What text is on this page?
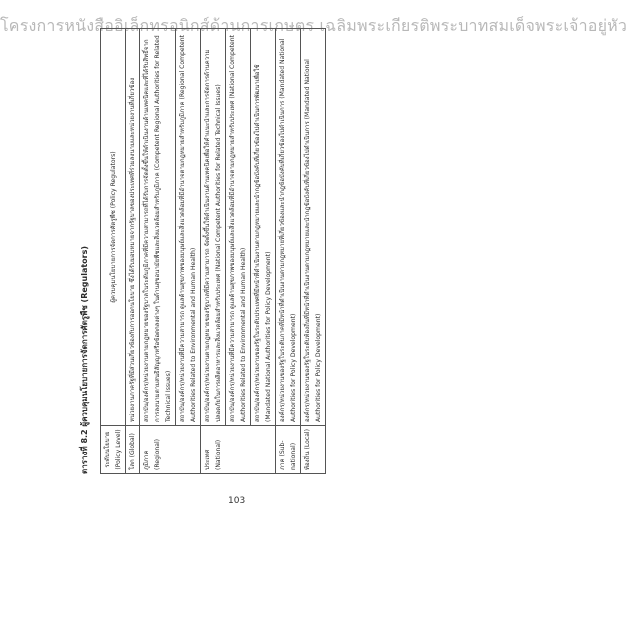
โครงการหนังสืออิเล็กทรอนิกส์ด้านการเกษตร เฉลิมพระเกียรติพระบาทสมเด็จพระเจ้าอยู่หัว
ตารางที่ 8.2 ผู้ควบคุมนโยบายการจัดการศัตรูพืช (Regulators)	ระดับนโยบาย (Policy Level)	ผู้ควบคุมนโยบายการจัดการศัตรูพืช (Policy Regulators)
โลก (Global)	หน่วยงานภาครัฐที่มีส่วนเกี่ยวข้องกับการออกนโยบาย ซึ่งได้รับมอบหมายจากรัฐบาลของประเทศที่ร่วมลงนามและหน่วยงานที่เกี่ยวข้อง
ภูมิภาค (Regional)	สถาบัน/องค์กร/หน่วยงานตามกฎหมายของรัฐบาลในระดับภูมิภาคที่มีความสามารถที่ได้รับการจัดตั้งขึ้นให้ดำเนินงานด้านเทคนิคและที่ได้รับสิทธิ์จากการลงนามตามสนธิสัญญาหรือข้อตกลงต่างๆ ในด้านสุขอนามัยพืชและสิ่งแวดล้อมสำหรับภูมิภาค (Competent Regional Authorities for Related Technical Issues)
	สถาบัน/องค์กร/หน่วยงานที่มีความสามารถ ดูแลด้านสุขภาพของมนุษย์และสิ่งแวดล้อมที่มีอำนาจตามกฎหมายสำหรับภูมิภาค (Regional Competent Authorities Related to Environmental and Human Health)
ประเทศ (National)	สถาบัน/องค์กร/หน่วยงานตามกฎหมายของรัฐบาลที่มีความสามารถ จัดตั้งขึ้นให้ดำเนินงานด้านเทคนิคเพื่อให้คำแนะนำและการจัดการด้านความปลอดภัยในการผลิตอาหารและสิ่งแวดล้อมสำหรับประเทศ (National Competent Authorities for Related Technical Issues)
	สถาบัน/องค์กร/หน่วยงานที่มีความสามารถ ดูแลด้านสุขภาพของมนุษย์และสิ่งแวดล้อมที่มีอำนาจตามกฎหมายสำหรับประเทศ (National Competent Authorities Related to Environmental and Human Health)
	สถาบัน/องค์กร/หน่วยงานของรัฐในระดับประเทศที่มีหน้าที่ดำเนินงานตามกฎหมายและนำกฎข้อบังคับที่เกี่ยวข้องไปดำเนินการพัฒนาเพื่อใช้ (Mandated National Authorities for Policy Development)
ภาค (Sub-national)	องค์กร/หน่วยงานของรัฐในระดับภาคที่มีหน้าที่ดำเนินงานตามกฎหมายที่เกี่ยวข้องและนำกฎข้อบังคับที่เกี่ยวข้องไปดำเนินการ (Mandated National Authorities for Policy Development)
ท้องถิ่น (Local)	องค์กร/หน่วยงานของรัฐในระดับท้องถิ่นที่มีหน้าที่ดำเนินงานตามกฎหมายและนำกฎข้อบังคับที่เกี่ยวข้องไปดำเนินการ (Mandated National Authorities for Policy Development)
103
